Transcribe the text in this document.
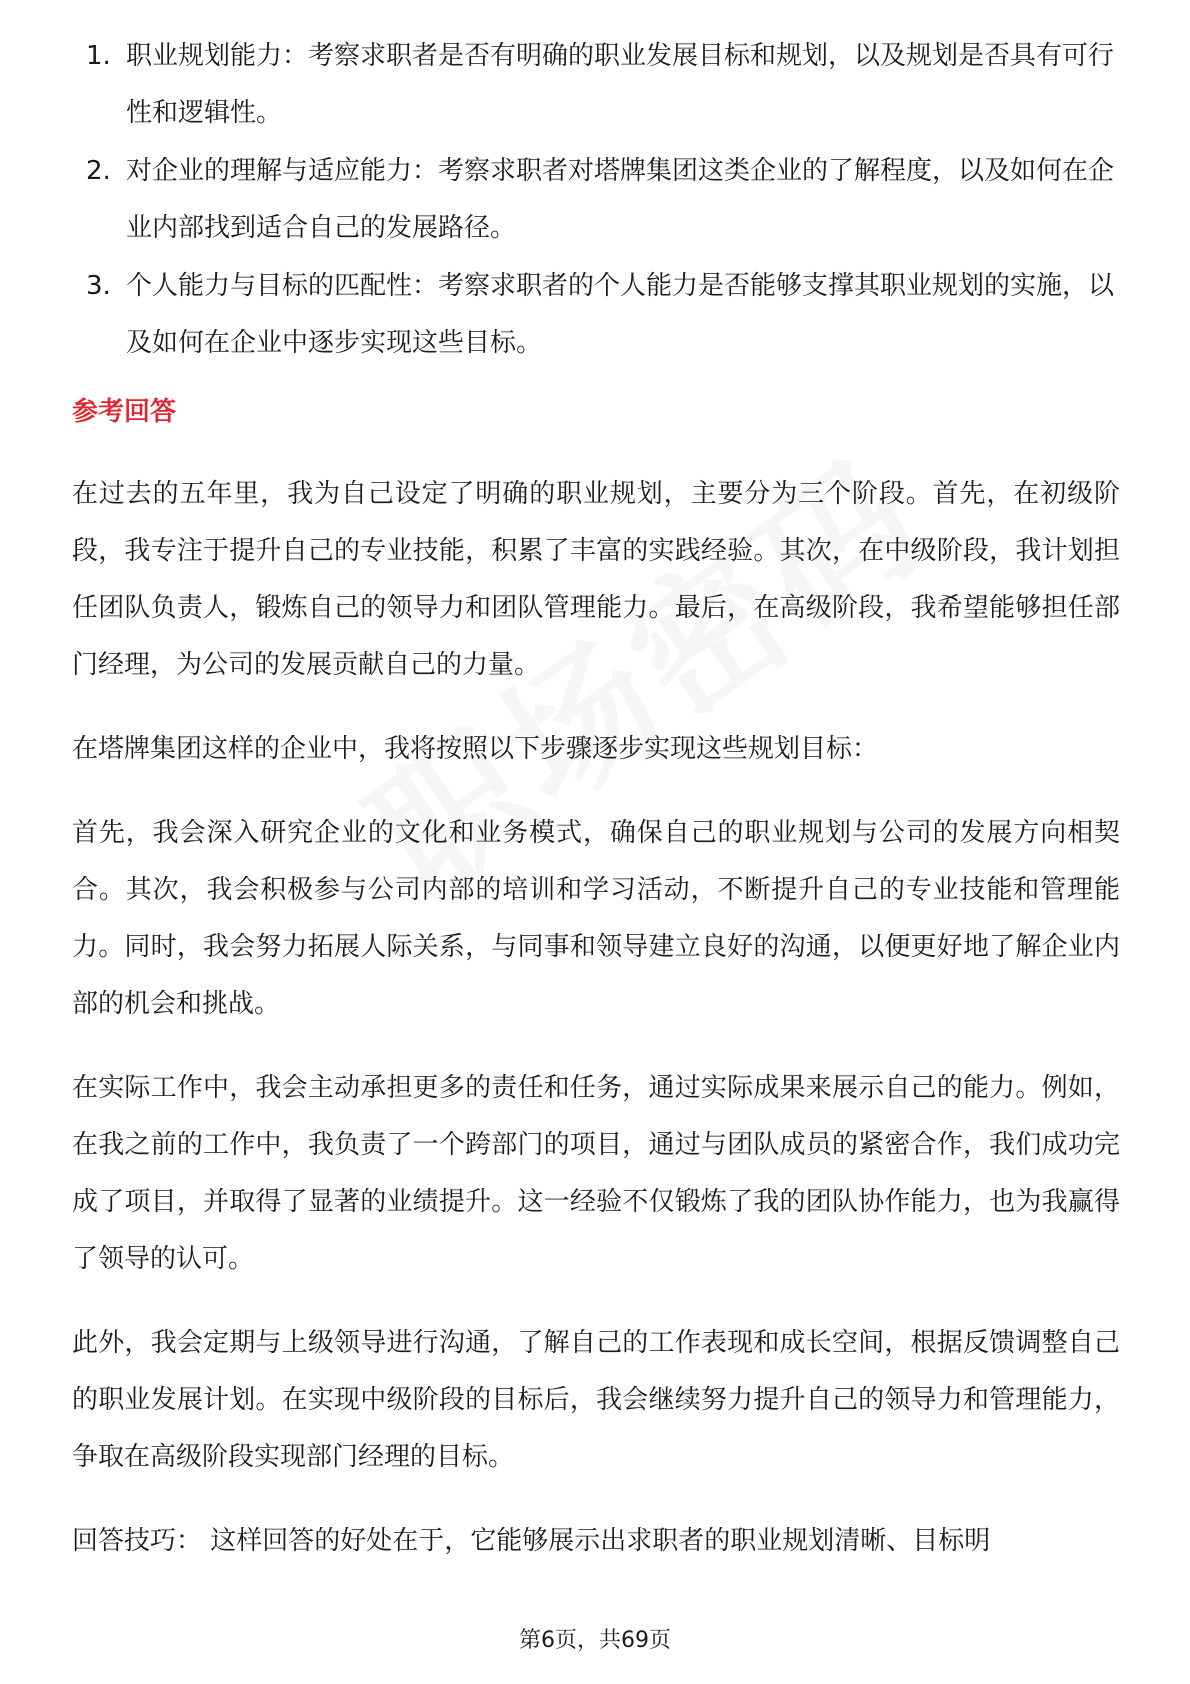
1. 职业规划能力：考察求职者是否有明确的职业发展目标和规划，以及规划是否具有可行性和逻辑性。
2. 对企业的理解与适应能力：考察求职者对塔牌集团这类企业的了解程度，以及如何在企业内部找到适合自己的发展路径。
3. 个人能力与目标的匹配性：考察求职者的个人能力是否能够支撑其职业规划的实施，以及如何在企业中逐步实现这些目标。
参考回答

在过去的五年里，我为自己设定了明确的职业规划，主要分为三个阶段。首先，在初级阶段，我专注于提升自己的专业技能，积累了丰富的实践经验。其次，在中级阶段，我计划担任团队负责人，锻炼自己的领导力和团队管理能力。最后，在高级阶段，我希望能够担任部门经理，为公司的发展贡献自己的力量。

在塔牌集团这样的企业中，我将按照以下步骤逐步实现这些规划目标：

首先，我会深入研究企业的文化和业务模式，确保自己的职业规划与公司的发展方向相契合。其次，我会积极参与公司内部的培训和学习活动，不断提升自己的专业技能和管理能力。同时，我会努力拓展人际关系，与同事和领导建立良好的沟通，以便更好地了解企业内部的机会和挑战。

在实际工作中，我会主动承担更多的责任和任务，通过实际成果来展示自己的能力。例如，在我之前的工作中，我负责了一个跨部门的项目，通过与团队成员的紧密合作，我们成功完成了项目，并取得了显著的业绩提升。这一经验不仅锻炼了我的团队协作能力，也为我赢得了领导的认可。

此外，我会定期与上级领导进行沟通，了解自己的工作表现和成长空间，根据反馈调整自己的职业发展计划。在实现中级阶段的目标后，我会继续努力提升自己的领导力和管理能力，争取在高级阶段实现部门经理的目标。

回答技巧： 这样回答的好处在于，它能够展示出求职者的职业规划清晰、目标明

第6页，共69页
